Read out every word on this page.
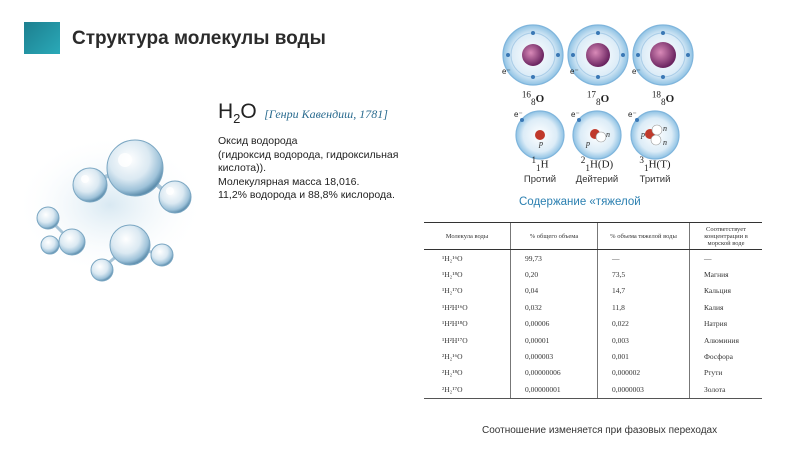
Структура молекулы воды
$H_2O$ [Генри Кавендиш, 1781]

Оксид водорода

(гидроксид водорода, гидроксильная кислота)).

Молекулярная масса 18,016.

11,2% водорода и 88,8% кислорода.

$^{16}_8$O	$^{17}_8$O	$^{18}_8$O
$^1_1$H
Протий
$^2_1$H(D)
Дейтерий
$^3_1$H(T)
Тритий
e⁻	e⁻	e⁻
e⁻	e⁻	e⁻
p	p
n	p
n
n
Содержание «тяжелой
Молекула воды	% общего объема	% объема тяжелой воды	Соответствует концентрации в морской воде
¹H₂¹⁶O	99,73	—	—
¹H₂¹⁸O	0,20	73,5	Магния
¹H₂¹⁷O	0,04	14,7	Кальция
¹H²H¹⁶O	0,032	11,8	Калия
¹H²H¹⁸O	0,00006	0,022	Натрия
¹H²H¹⁷O	0,00001	0,003	Алюминия
²H₂¹⁶O	0,000003	0,001	Фосфора
²H₂¹⁸O	0,00000006	0,000002	Ртути
²H₂¹⁷O	0,00000001	0,0000003	Золота
Соотношение изменяется при фазовых переходах
